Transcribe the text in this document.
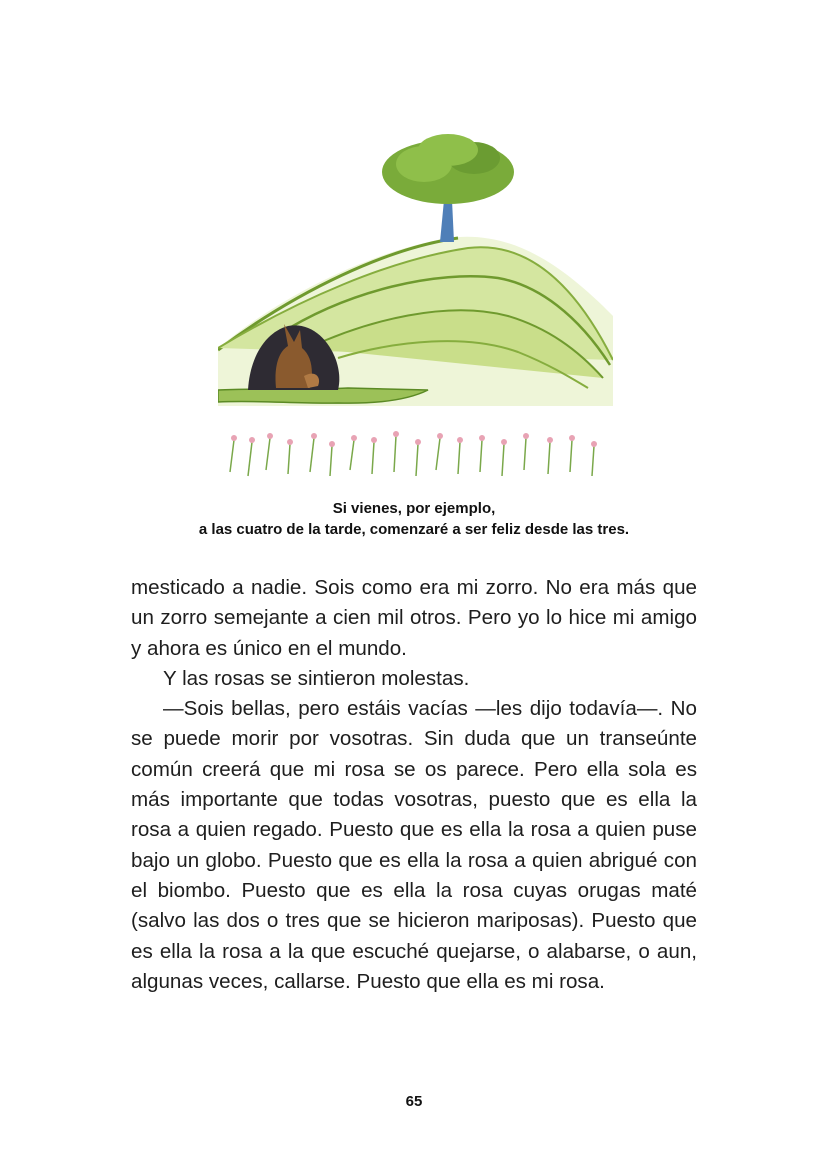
Si vienes, por ejemplo,
a las cuatro de la tarde, comenzaré a ser feliz desde las tres.

mesticado a nadie. Sois como era mi zorro. No era más que un zorro semejante a cien mil otros. Pero yo lo hice mi amigo y ahora es único en el mundo.

Y las rosas se sintieron molestas.

—Sois bellas, pero estáis vacías —les dijo todavía—. No se puede morir por vosotras. Sin duda que un transeúnte común creerá que mi rosa se os parece. Pero ella sola es más importante que todas vosotras, puesto que es ella la rosa a quien regado. Puesto que es ella la rosa a quien puse bajo un globo. Puesto que es ella la rosa a quien abrigué con el biombo. Puesto que es ella la rosa cuyas orugas maté (salvo las dos o tres que se hicieron mariposas). Puesto que es ella la rosa a la que escuché quejarse, o alabarse, o aun, algunas veces, callarse. Puesto que ella es mi rosa.

65
